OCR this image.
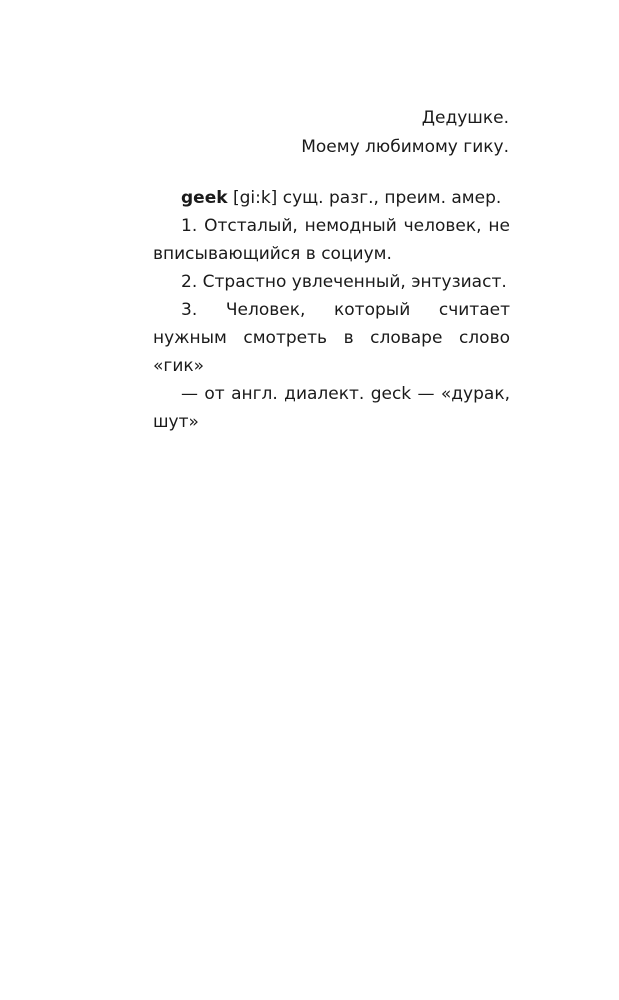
Дедушке.
Моему любимому гику.

geek [gi:k] сущ. разг., преим. амер.

1. Отсталый, немодный человек, не вписывающийся в социум.

2. Страстно увлеченный, энтузиаст.

3. Человек, который считает нужным смотреть в словаре слово «гик»

— от англ. диалект. geck — «дурак, шут»
